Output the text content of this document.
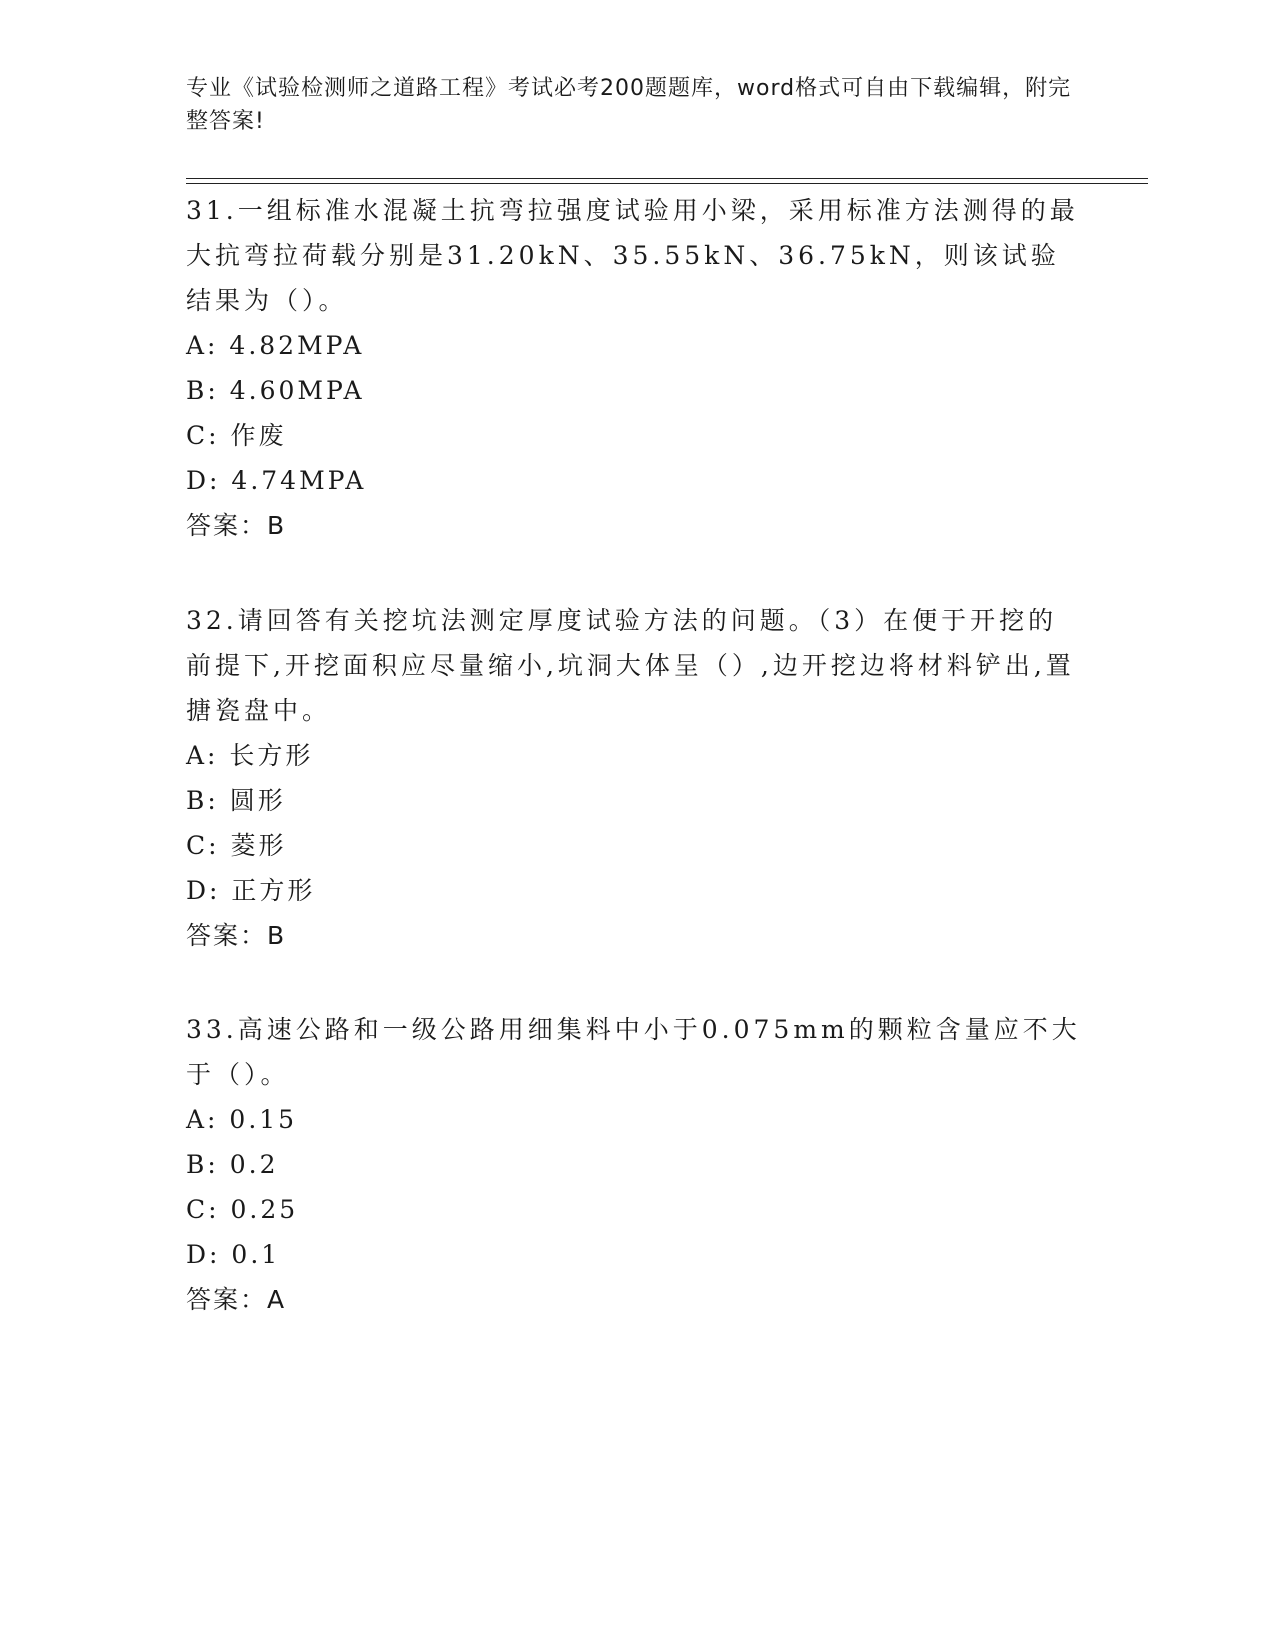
专业《试验检测师之道路工程》考试必考200题题库，word格式可自由下载编辑，附完整答案!
31.一组标准水混凝土抗弯拉强度试验用小梁，采用标准方法测得的最大抗弯拉荷载分别是31.20kN、35.55kN、36.75kN，则该试验结果为（）。
A: 4.82MPA
B: 4.60MPA
C: 作废
D: 4.74MPA
答案：B
32.请回答有关挖坑法测定厚度试验方法的问题。（3）在便于开挖的前提下,开挖面积应尽量缩小,坑洞大体呈（）,边开挖边将材料铲出,置搪瓷盘中。
A: 长方形
B: 圆形
C: 菱形
D: 正方形
答案：B
33.高速公路和一级公路用细集料中小于0.075mm的颗粒含量应不大于（）。
A: 0.15
B: 0.2
C: 0.25
D: 0.1
答案：A
